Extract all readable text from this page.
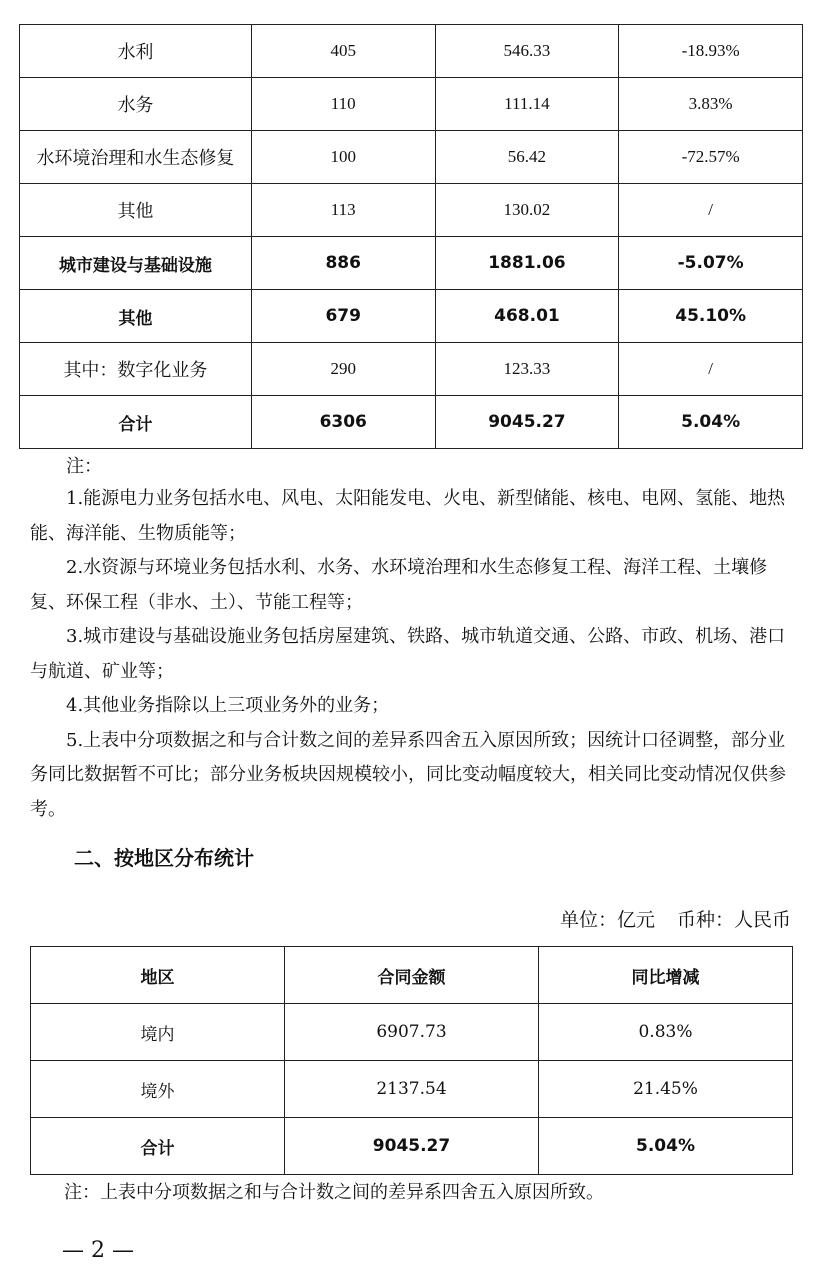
水利	405	546.33	-18.93%
水务	110	111.14	3.83%
水环境治理和水生态修复	100	56.42	-72.57%
其他	113	130.02	/
城市建设与基础设施	886	1881.06	-5.07%
其他	679	468.01	45.10%
其中：数字化业务	290	123.33	/
合计	6306	9045.27	5.04%

注：

1.能源电力业务包括水电、风电、太阳能发电、火电、新型储能、核电、电网、氢能、地热能、海洋能、生物质能等；

2.水资源与环境业务包括水利、水务、水环境治理和水生态修复工程、海洋工程、土壤修复、环保工程（非水、土）、节能工程等；

3.城市建设与基础设施业务包括房屋建筑、铁路、城市轨道交通、公路、市政、机场、港口与航道、矿业等；

4.其他业务指除以上三项业务外的业务；

5.上表中分项数据之和与合计数之间的差异系四舍五入原因所致；因统计口径调整，部分业务同比数据暂不可比；部分业务板块因规模较小，同比变动幅度较大，相关同比变动情况仅供参考。

二、按地区分布统计
单位：亿元 币种：人民币
地区	合同金额	同比增减
境内	6907.73	0.83%
境外	2137.54	21.45%
合计	9045.27	5.04%
注：上表中分项数据之和与合计数之间的差异系四舍五入原因所致。
— 2 —
